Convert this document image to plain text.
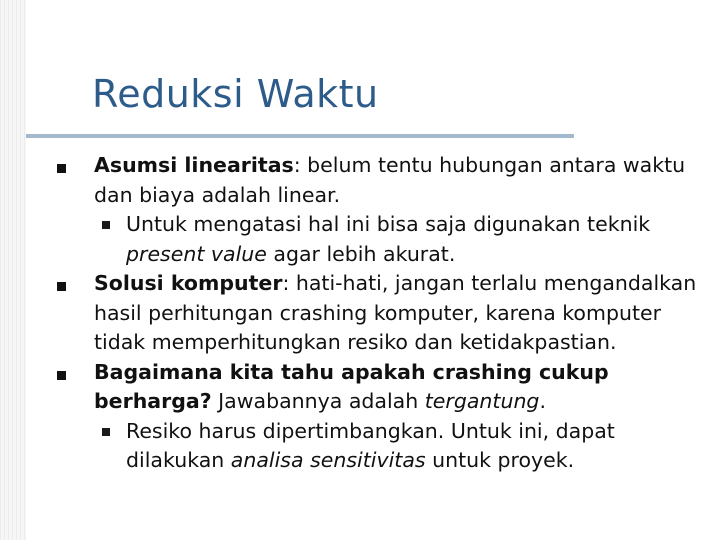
Reduksi Waktu
Asumsi linearitas: belum tentu hubungan antara waktu dan biaya adalah linear.
Untuk mengatasi hal ini bisa saja digunakan teknik present value agar lebih akurat.
Solusi komputer: hati-hati, jangan terlalu mengandalkan hasil perhitungan crashing komputer, karena komputer tidak memperhitungkan resiko dan ketidakpastian.
Bagaimana kita tahu apakah crashing cukup berharga? Jawabannya adalah tergantung.
Resiko harus dipertimbangkan. Untuk ini, dapat dilakukan analisa sensitivitas untuk proyek.
